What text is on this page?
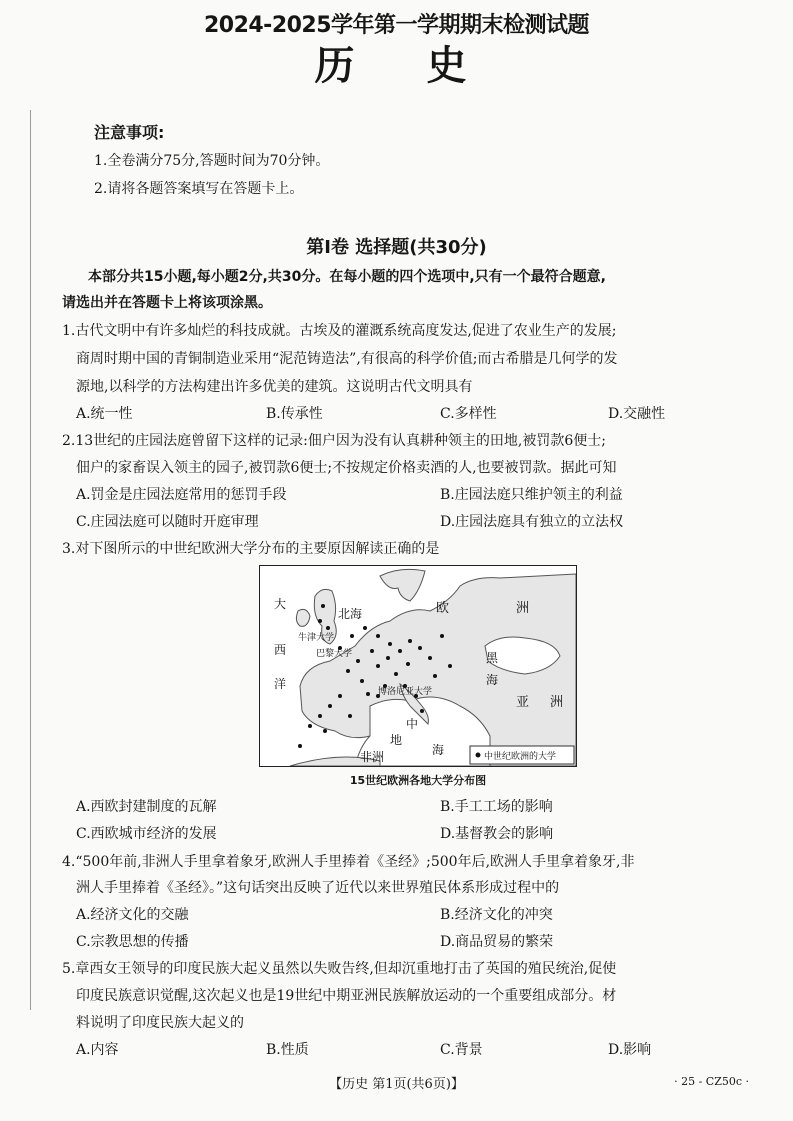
2024-2025学年第一学期期末检测试题
历史
注意事项:
1.全卷满分75分,答题时间为70分钟。
2.请将各题答案填写在答题卡上。
第Ⅰ卷 选择题(共30分)
本部分共15小题,每小题2分,共30分。在每小题的四个选项中,只有一个最符合题意,
请选出并在答题卡上将该项涂黑。
1.古代文明中有许多灿烂的科技成就。古埃及的灌溉系统高度发达,促进了农业生产的发展;
商周时期中国的青铜制造业采用“泥范铸造法”,有很高的科学价值;而古希腊是几何学的发
源地,以科学的方法构建出许多优美的建筑。这说明古代文明具有
A.统一性	B.传承性	C.多样性	D.交融性
2.13世纪的庄园法庭曾留下这样的记录:佃户因为没有认真耕种领主的田地,被罚款6便士;
佃户的家畜误入领主的园子,被罚款6便士;不按规定价格卖酒的人,也要被罚款。据此可知
A.罚金是庄园法庭常用的惩罚手段	B.庄园法庭只维护领主的利益
C.庄园法庭可以随时开庭审理	D.庄园法庭具有独立的立法权
3.对下图所示的中世纪欧洲大学分布的主要原因解读正确的是
大
西
洋
北海	欧	洲
黑
海
亚 洲
地
中
海
非洲
牛津大学
巴黎大学
博洛尼亚大学
中世纪欧洲的大学
15世纪欧洲各地大学分布图
A.西欧封建制度的瓦解	B.手工工场的影响
C.西欧城市经济的发展	D.基督教会的影响
4.“500年前,非洲人手里拿着象牙,欧洲人手里捧着《圣经》;500年后,欧洲人手里拿着象牙,非
洲人手里捧着《圣经》。”这句话突出反映了近代以来世界殖民体系形成过程中的
A.经济文化的交融	B.经济文化的冲突
C.宗教思想的传播	D.商品贸易的繁荣
5.章西女王领导的印度民族大起义虽然以失败告终,但却沉重地打击了英国的殖民统治,促使
印度民族意识觉醒,这次起义也是19世纪中期亚洲民族解放运动的一个重要组成部分。材
料说明了印度民族大起义的
A.内容	B.性质	C.背景	D.影响
【历史 第1页(共6页)】	· 25 - CZ50c ·
